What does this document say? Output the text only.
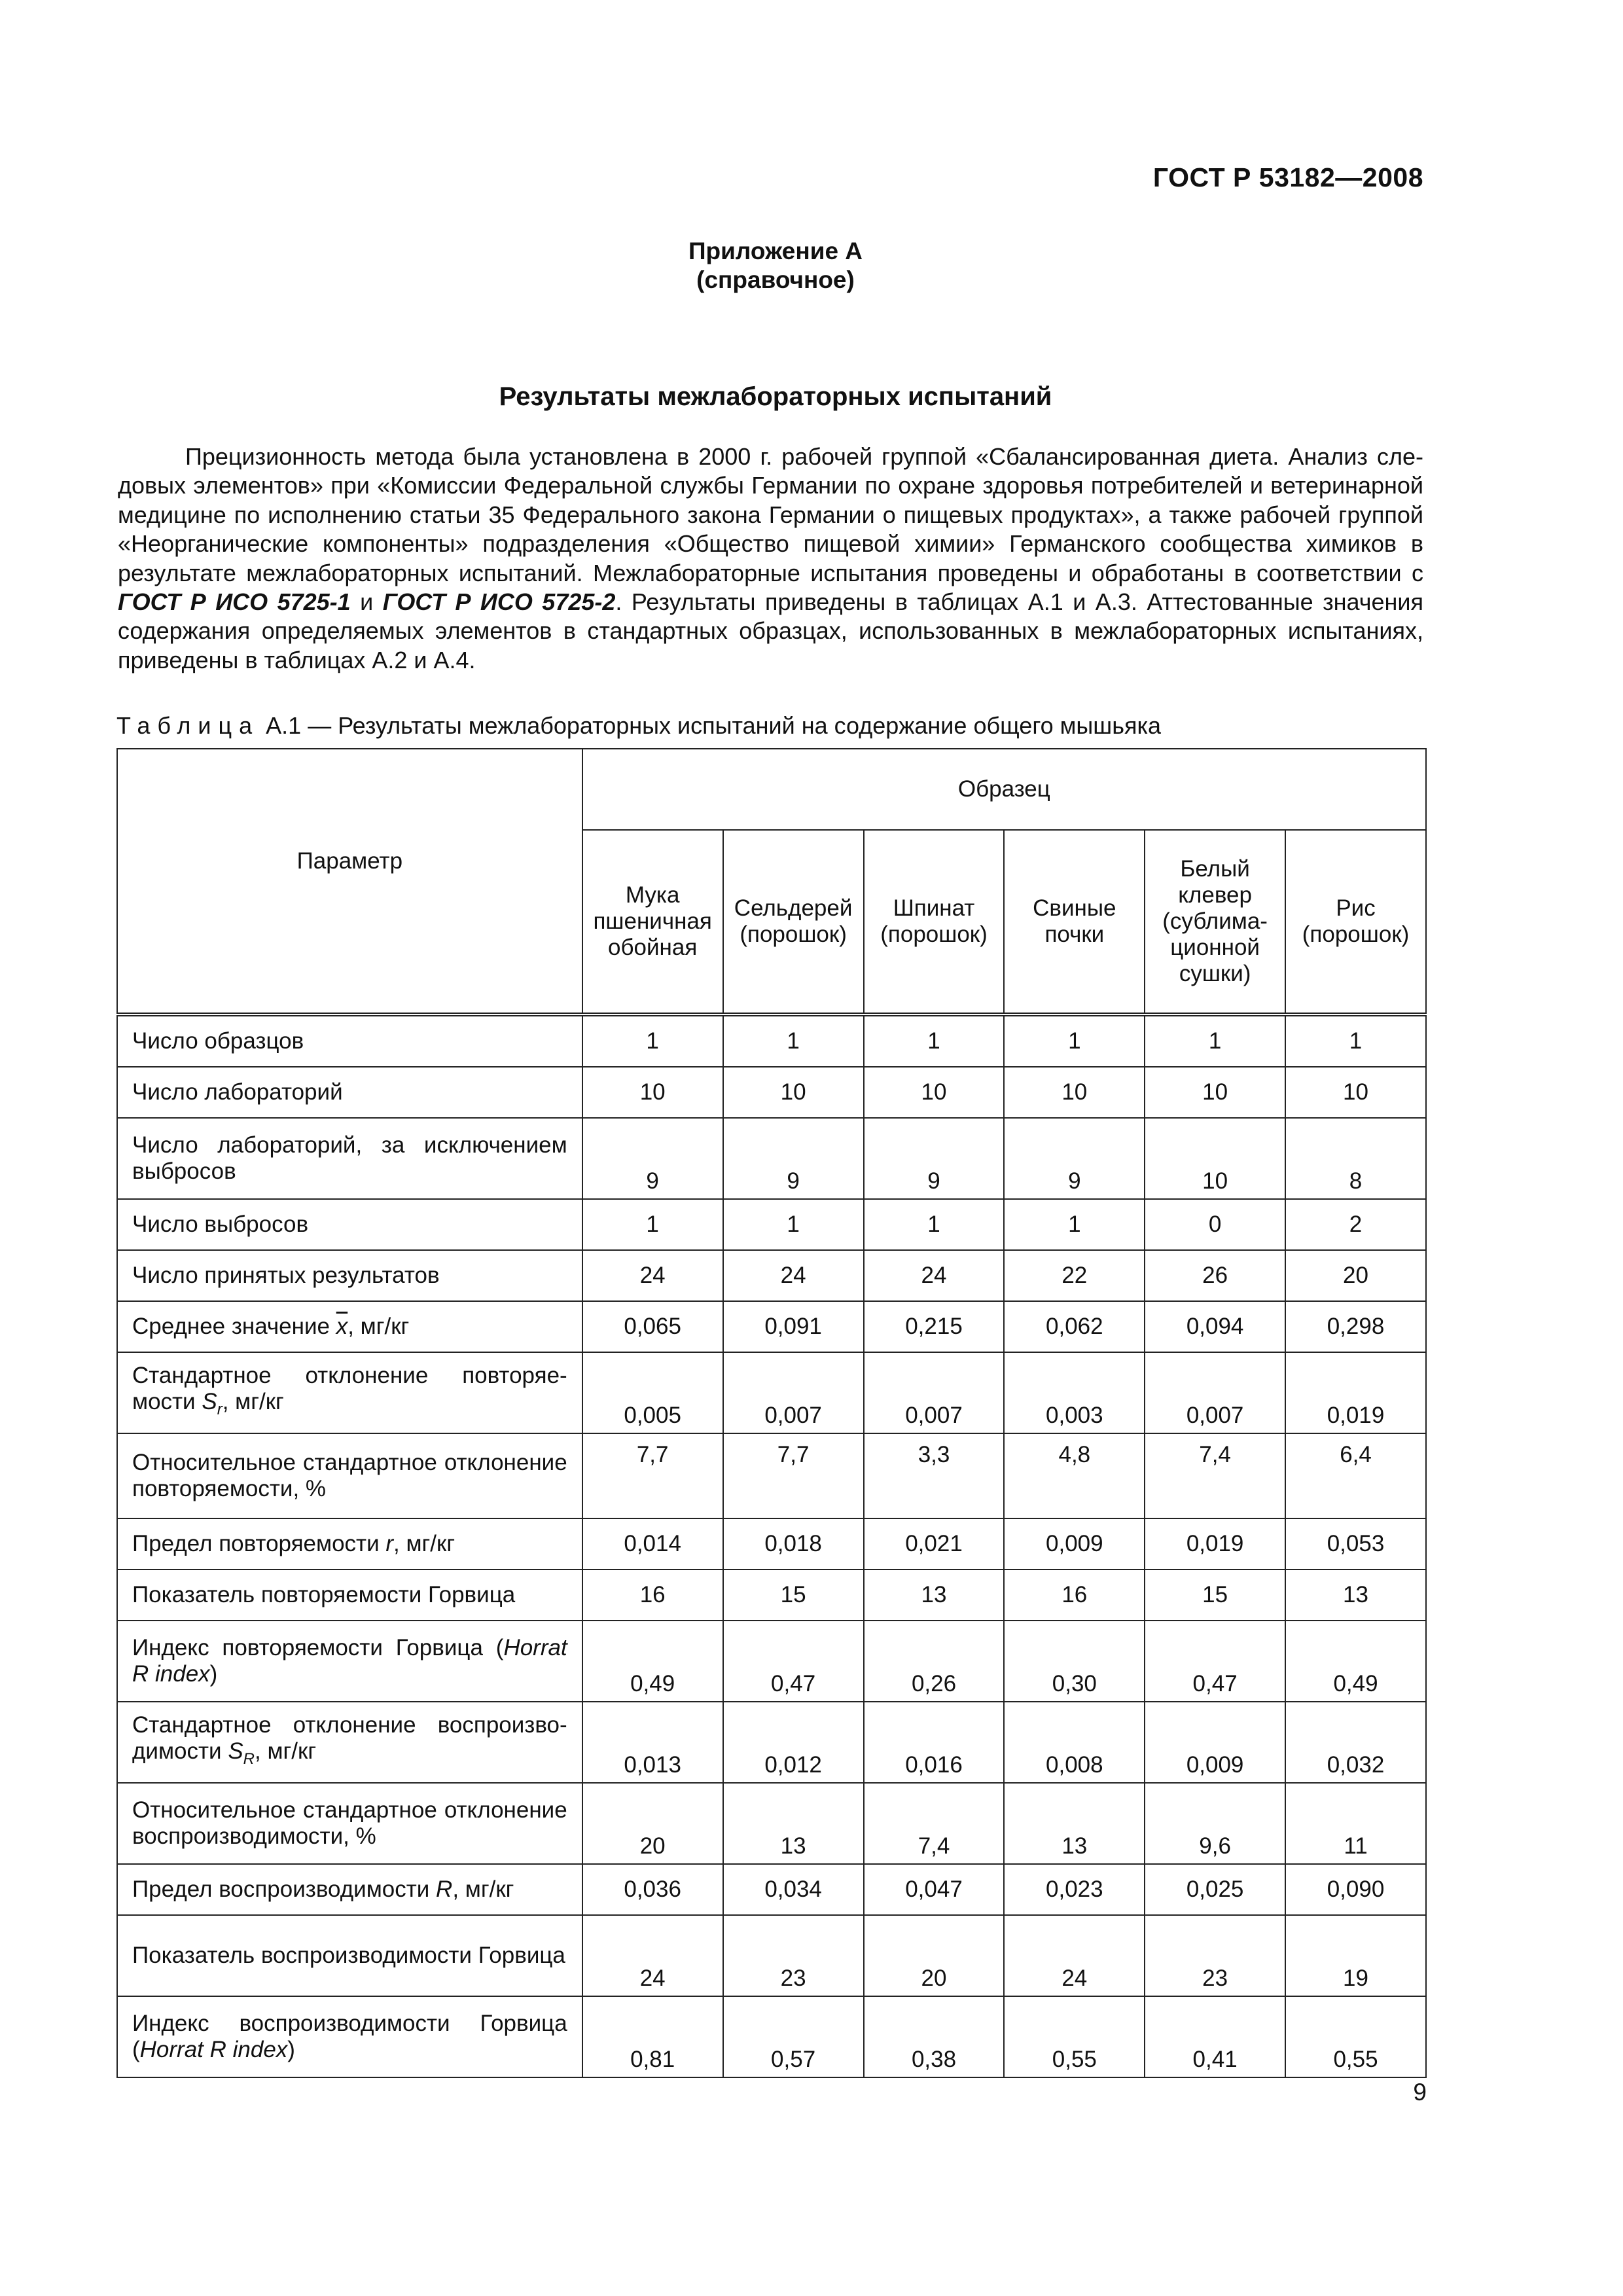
ГОСТ Р 53182—2008
Приложение А
(справочное)
Результаты межлабораторных испытаний
Прецизионность метода была установлена в 2000 г. рабочей группой «Сбалансированная диета. Анализ следовых элементов» при «Комиссии Федеральной службы Германии по охране здоровья потребителей и ветеринарной медицине по исполнению статьи 35 Федерального закона Германии о пищевых продуктах», а также рабочей группой «Неорганические компоненты» подразделения «Общество пищевой химии» Германского сообщества химиков в результате межлабораторных испытаний. Межлабораторные испытания проведены и обработаны в соответствии с ГОСТ Р ИСО 5725-1 и ГОСТ Р ИСО 5725-2. Результаты приведены в таблицах А.1 и А.3. Аттестованные значения содержания определяемых элементов в стандартных образцах, использованных в межлабораторных испытаниях, приведены в таблицах А.2 и А.4.
Таблица А.1 — Результаты межлабораторных испытаний на содержание общего мышьяка
Параметр	Образец					
	Мука пшеничная обойная	Сельдерей (порошок)	Шпинат (порошок)	Свиные почки	Белый клевер (сублимационной сушки)	Рис (порошок)
Число образцов	1	1	1	1	1	1
Число лабораторий	10	10	10	10	10	10
Число лабораторий, за исключением выбросов	9	9	9	9	10	8
Число выбросов	1	1	1	1	0	2
Число принятых результатов	24	24	24	22	26	20
Среднее значение $\overline{x}$, мг/кг	0,065	0,091	0,215	0,062	0,094	0,298
Стандартное отклонение повторяемости $S_r$, мг/кг	0,005	0,007	0,007	0,003	0,007	0,019
Относительное стандартное отклонение повторяемости, %	7,7	7,7	3,3	4,8	7,4	6,4
Предел повторяемости r, мг/кг	0,014	0,018	0,021	0,009	0,019	0,053
Показатель повторяемости Горвица	16	15	13	16	15	13
Индекс повторяемости Горвица (Horrat R index)	0,49	0,47	0,26	0,30	0,47	0,49
Стандартное отклонение воспроизводимости $S_R$, мг/кг	0,013	0,012	0,016	0,008	0,009	0,032
Относительное стандартное отклонение воспроизводимости, %	20	13	7,4	13	9,6	11
Предел воспроизводимости R, мг/кг	0,036	0,034	0,047	0,023	0,025	0,090
Показатель воспроизводимости Горвица	24	23	20	24	23	19
Индекс воспроизводимости Горвица (Horrat R index)	0,81	0,57	0,38	0,55	0,41	0,55
9
